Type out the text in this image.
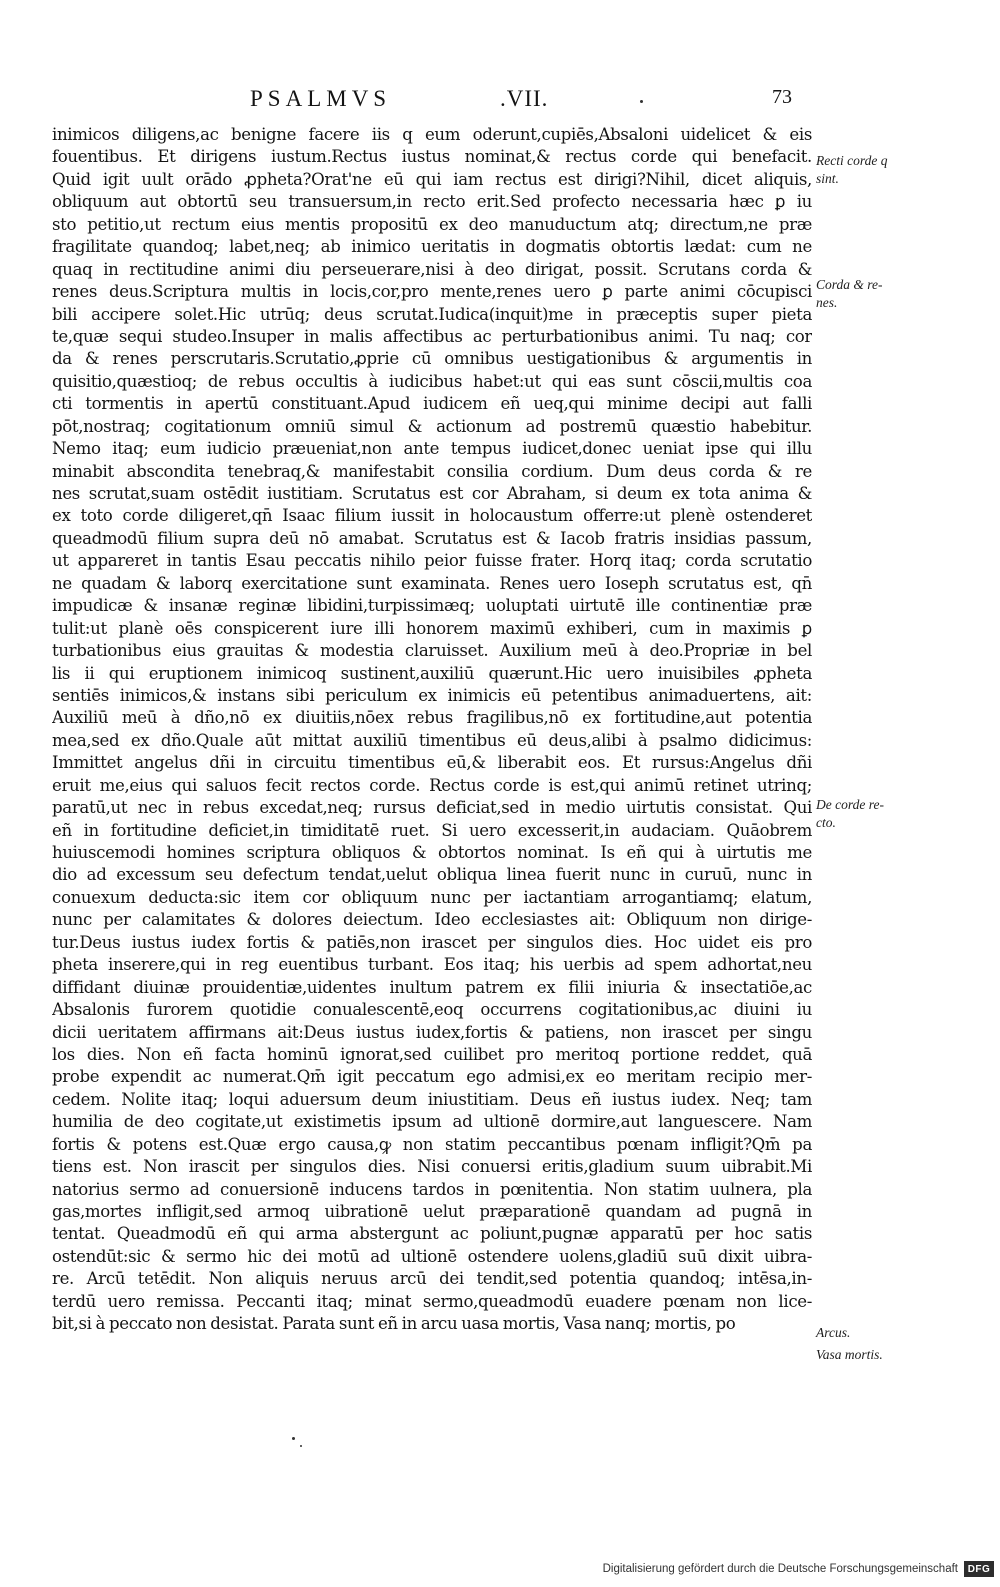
PSALMVS	.VII.	73
inimicos diligens,ac benigne facere iis q eum oderunt,cupiēs,Absaloni uidelicet & eis
fouentibus. Et dirigens iustum.Rectus iustus nominat,& rectus corde qui benefacit.
Quid igit uult orādo ꝓpheta?Orat'ne eū qui iam rectus est dirigi?Nihil, dicet aliquis,
obliquum aut obtortū seu transuersum,in recto erit.Sed profecto necessaria hæc ꝑ iu
sto petitio,ut rectum eius mentis propositū ex deo manuductum atq; directum,ne præ
fragilitate quandoq; labet,neq; ab inimico ueritatis in dogmatis obtortis lædat: cum ne
quaq in rectitudine animi diu perseuerare,nisi à deo dirigat, possit. Scrutans corda &
renes deus.Scriptura multis in locis,cor,pro mente,renes uero ꝑ parte animi cōcupisci
bili accipere solet.Hic utrūq; deus scrutat.Iudica(inquit)me in præceptis super pieta
te,quæ sequi studeo.Insuper in malis affectibus ac perturbationibus animi. Tu naq; cor
da & renes perscrutaris.Scrutatio,ꝓprie cū omnibus uestigationibus & argumentis in
quisitio,quæstioq; de rebus occultis à iudicibus habet:ut qui eas sunt cōscii,multis coa
cti tormentis in apertū constituant.Apud iudicem eñ ueq,qui minime decipi aut falli
pōt,nostraq; cogitationum omniū simul & actionum ad postremū quæstio habebitur.
Nemo itaq; eum iudicio præueniat,non ante tempus iudicet,donec ueniat ipse qui illu
minabit abscondita tenebraq,& manifestabit consilia cordium. Dum deus corda & re
nes scrutat,suam ostēdit iustitiam. Scrutatus est cor Abraham, si deum ex tota anima &
ex toto corde diligeret,qn̄ Isaac filium iussit in holocaustum offerre:ut plenè ostenderet
queadmodū filium supra deū nō amabat. Scrutatus est & Iacob fratris insidias passum,
ut appareret in tantis Esau peccatis nihilo peior fuisse frater. Horq itaq; corda scrutatio
ne quadam & laborq exercitatione sunt examinata. Renes uero Ioseph scrutatus est, qn̄
impudicæ & insanæ reginæ libidini,turpissimæq; uoluptati uirtutē ille continentiæ præ
tulit:ut planè oēs conspicerent iure illi honorem maximū exhiberi, cum in maximis ꝑ
turbationibus eius grauitas & modestia claruisset. Auxilium meū à deo.Propriæ in bel
lis ii qui eruptionem inimicoq sustinent,auxiliū quærunt.Hic uero inuisibiles ꝓpheta
sentiēs inimicos,& instans sibi periculum ex inimicis eū petentibus animaduertens, ait:
Auxiliū meū à dño,nō ex diuitiis,nōex rebus fragilibus,nō ex fortitudine,aut potentia
mea,sed ex dño.Quale aūt mittat auxiliū timentibus eū deus,alibi à psalmo didicimus:
Immittet angelus dñi in circuitu timentibus eū,& liberabit eos. Et rursus:Angelus dñi
eruit me,eius qui saluos fecit rectos corde. Rectus corde is est,qui animū retinet utrinq;
paratū,ut nec in rebus excedat,neq; rursus deficiat,sed in medio uirtutis consistat. Qui
eñ in fortitudine deficiet,in timiditatē ruet. Si uero excesserit,in audaciam. Quāobrem
huiuscemodi homines scriptura obliquos & obtortos nominat. Is eñ qui à uirtutis me
dio ad excessum seu defectum tendat,uelut obliqua linea fuerit nunc in curuū, nunc in
conuexum deducta:sic item cor obliquum nunc per iactantiam arrogantiamq; elatum,
nunc per calamitates & dolores deiectum. Ideo ecclesiastes ait: Obliquum non dirige-
tur.Deus iustus iudex fortis & patiēs,non irascet per singulos dies. Hoc uidet eis pro
pheta inserere,qui in reg euentibus turbant. Eos itaq; his uerbis ad spem adhortat,neu
diffidant diuinæ prouidentiæ,uidentes inultum patrem ex filii iniuria & insectatiōe,ac
Absalonis furorem quotidie conualescentē,eoq occurrens cogitationibus,ac diuini iu
dicii ueritatem affirmans ait:Deus iustus iudex,fortis & patiens, non irascet per singu
los dies. Non eñ facta hominū ignorat,sed cuilibet pro meritoq portione reddet, quā
probe expendit ac numerat.Qm̄ igit peccatum ego admisi,ex eo meritam recipio mer-
cedem. Nolite itaq; loqui aduersum deum iniustitiam. Deus eñ iustus iudex. Neq; tam
humilia de deo cogitate,ut existimetis ipsum ad ultionē dormire,aut languescere. Nam
fortis & potens est.Quæ ergo causa,ꝙ non statim peccantibus pœnam infligit?Qm̄ pa
tiens est. Non irascit per singulos dies. Nisi conuersi eritis,gladium suum uibrabit.Mi
natorius sermo ad conuersionē inducens tardos in pœnitentia. Non statim uulnera, pla
gas,mortes infligit,sed armoq uibrationē uelut præparationē quandam ad pugnā in
tentat. Queadmodū eñ qui arma abstergunt ac poliunt,pugnæ apparatū per hoc satis
ostendūt:sic & sermo hic dei motū ad ultionē ostendere uolens,gladiū suū dixit uibra-
re. Arcū tetēdit. Non aliquis neruus arcū dei tendit,sed potentia quandoq; intēsa,in-
terdū uero remissa. Peccanti itaq; minat sermo,queadmodū euadere pœnam non lice-
bit,si à peccato non desistat. Parata sunt eñ in arcu uasa mortis, Vasa nanq; mortis, po
Recti corde q sint.
Corda & re-nes.
De corde re-cto.
Arcus.
Vasa mortis.
Digitalisierung gefördert durch die Deutsche Forschungsgemeinschaft DFG
